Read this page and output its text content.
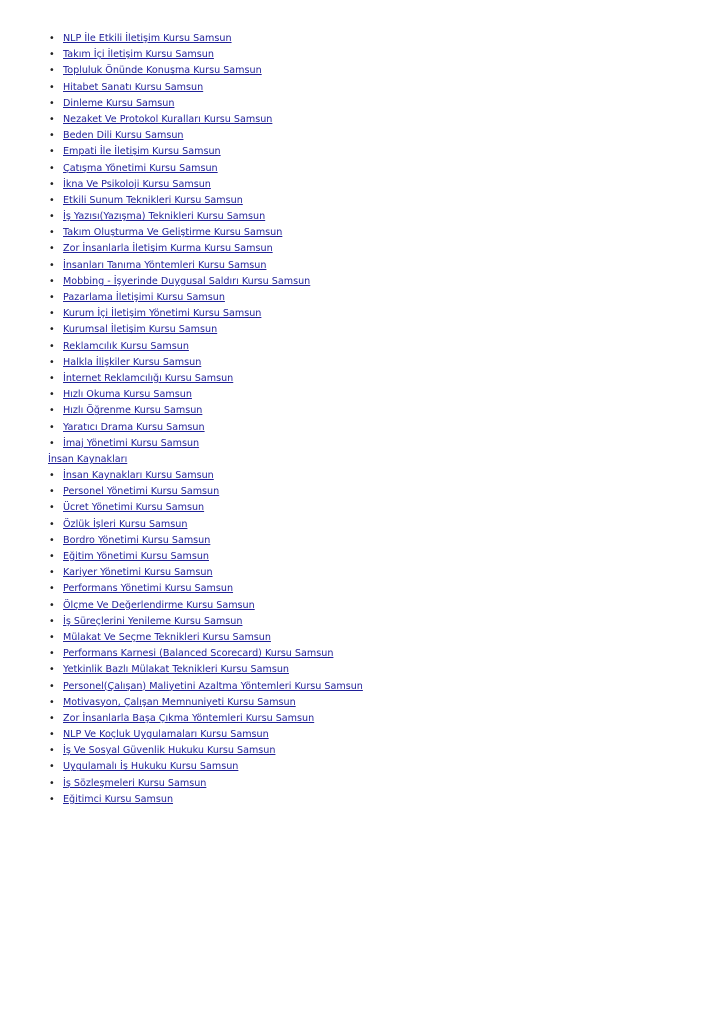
• NLP İle Etkili İletişim Kursu Samsun
• Takım İçi İletişim Kursu Samsun
• Topluluk Önünde Konuşma Kursu Samsun
• Hitabet Sanatı Kursu Samsun
• Dinleme Kursu Samsun
• Nezaket Ve Protokol Kuralları Kursu Samsun
• Beden Dili Kursu Samsun
• Empati İle İletişim Kursu Samsun
• Çatışma Yönetimi Kursu Samsun
• İkna Ve Psikoloji Kursu Samsun
• Etkili Sunum Teknikleri Kursu Samsun
• İş Yazısı(Yazışma) Teknikleri Kursu Samsun
• Takım Oluşturma Ve Geliştirme Kursu Samsun
• Zor İnsanlarla İletişim Kurma Kursu Samsun
• İnsanları Tanıma Yöntemleri Kursu Samsun
• Mobbing - İşyerinde Duygusal Saldırı Kursu Samsun
• Pazarlama İletişimi Kursu Samsun
• Kurum İçi İletişim Yönetimi Kursu Samsun
• Kurumsal İletişim Kursu Samsun
• Reklamcılık Kursu Samsun
• Halkla İlişkiler Kursu Samsun
• İnternet Reklamcılığı Kursu Samsun
• Hızlı Okuma Kursu Samsun
• Hızlı Öğrenme Kursu Samsun
• Yaratıcı Drama Kursu Samsun
• İmaj Yönetimi Kursu Samsun
İnsan Kaynakları
• İnsan Kaynakları Kursu Samsun
• Personel Yönetimi Kursu Samsun
• Ücret Yönetimi Kursu Samsun
• Özlük İşleri Kursu Samsun
• Bordro Yönetimi Kursu Samsun
• Eğitim Yönetimi Kursu Samsun
• Kariyer Yönetimi Kursu Samsun
• Performans Yönetimi Kursu Samsun
• Ölçme Ve Değerlendirme Kursu Samsun
• İş Süreçlerini Yenileme Kursu Samsun
• Mülakat Ve Seçme Teknikleri Kursu Samsun
• Performans Karnesi (Balanced Scorecard) Kursu Samsun
• Yetkinlik Bazlı Mülakat Teknikleri Kursu Samsun
• Personel(Çalışan) Maliyetini Azaltma Yöntemleri Kursu Samsun
• Motivasyon, Çalışan Memnuniyeti Kursu Samsun
• Zor İnsanlarla Başa Çıkma Yöntemleri Kursu Samsun
• NLP Ve Koçluk Uygulamaları Kursu Samsun
• İş Ve Sosyal Güvenlik Hukuku Kursu Samsun
• Uygulamalı İş Hukuku Kursu Samsun
• İş Sözleşmeleri Kursu Samsun
• Eğitimci Kursu Samsun
